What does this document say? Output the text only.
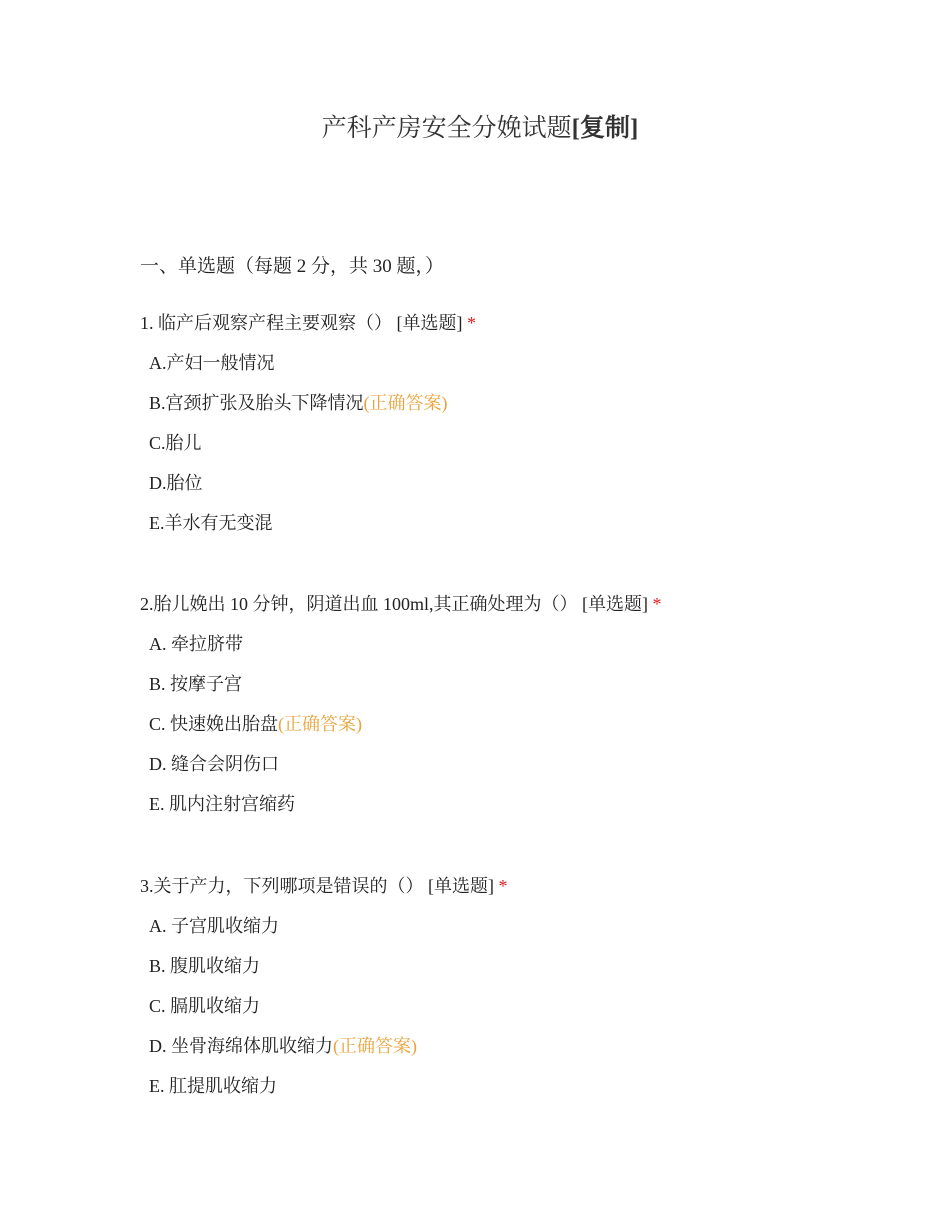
产科产房安全分娩试题[复制]
一、单选题（每题 2 分，共 30 题，）

1. 临产后观察产程主要观察（） [单选题] *

A.产妇一般情况
B.宫颈扩张及胎头下降情况(正确答案)
C.胎儿
D.胎位
E.羊水有无变混

2.胎儿娩出 10 分钟，阴道出血 100ml,其正确处理为（） [单选题] *

A. 牵拉脐带
B. 按摩子宫
C. 快速娩出胎盘(正确答案)
D. 缝合会阴伤口
E. 肌内注射宫缩药

3.关于产力，下列哪项是错误的（） [单选题] *

A. 子宫肌收缩力
B. 腹肌收缩力
C. 膈肌收缩力
D. 坐骨海绵体肌收缩力(正确答案)
E. 肛提肌收缩力
